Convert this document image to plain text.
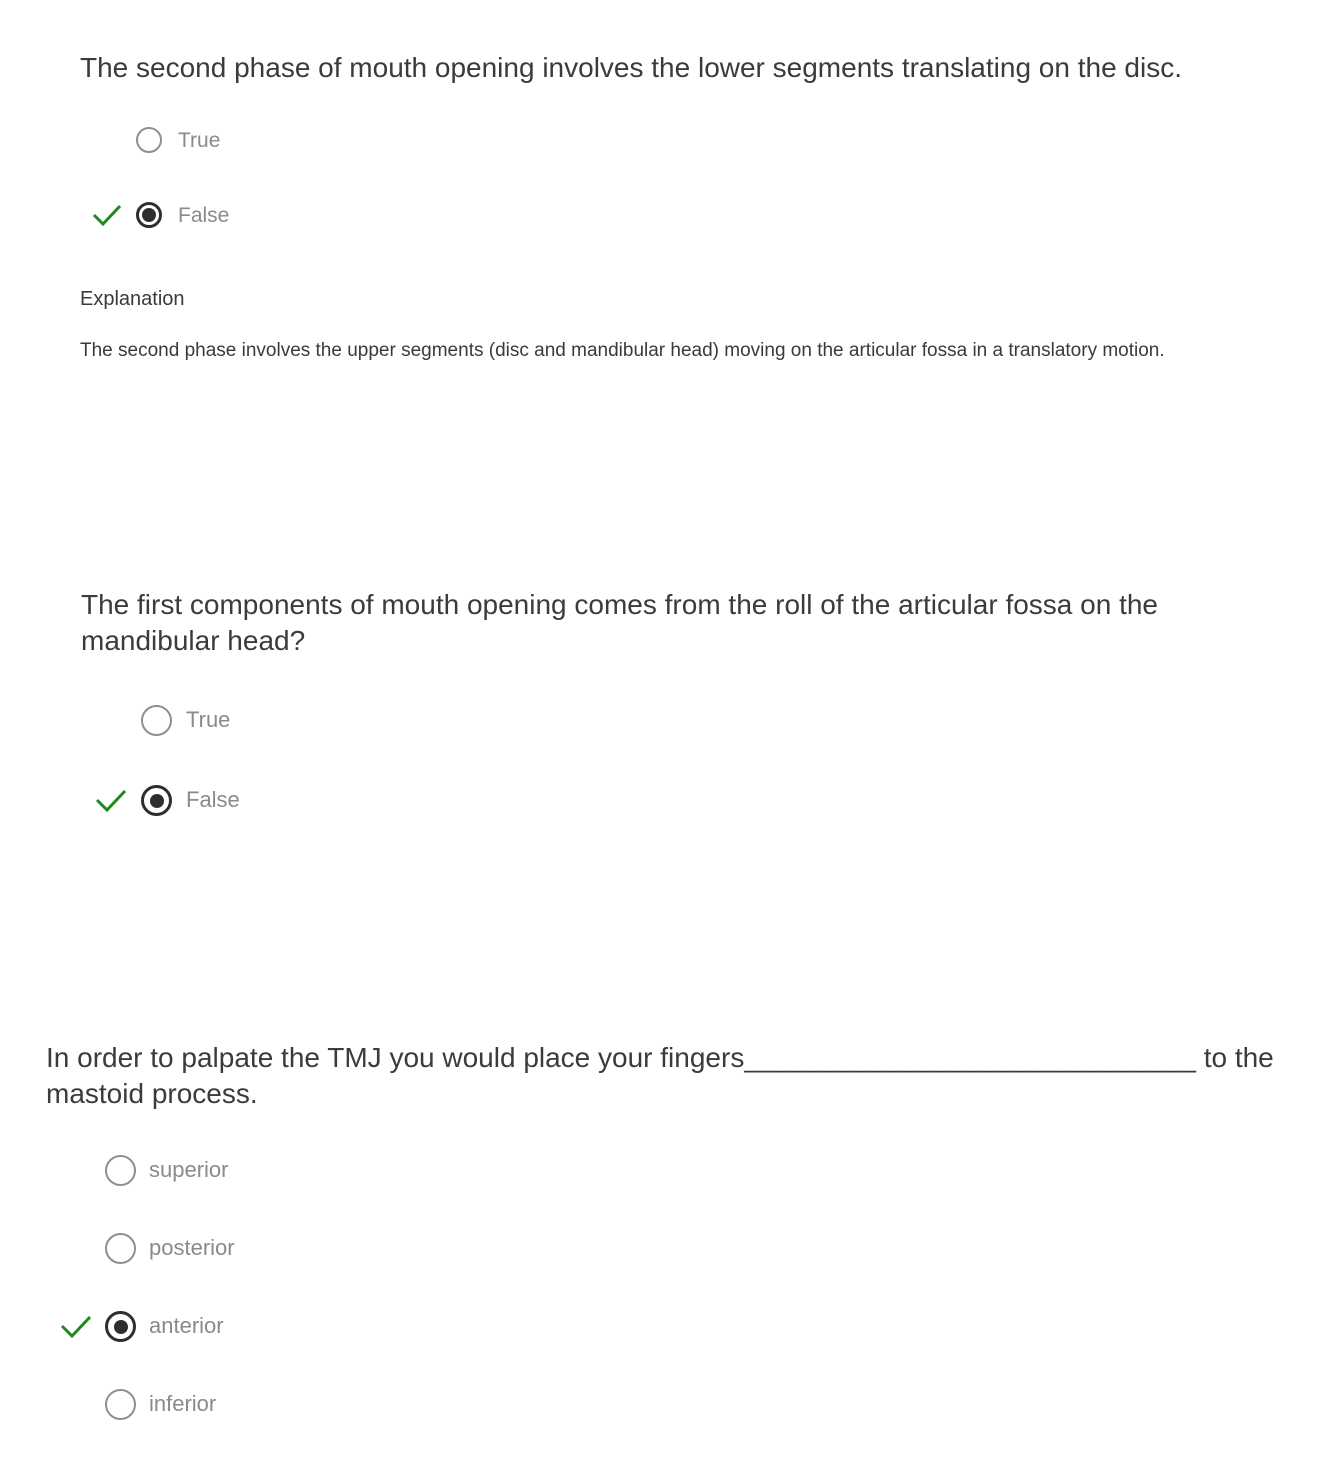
The second phase of mouth opening involves the lower segments translating on the disc.

True
False
Explanation
The second phase involves the upper segments (disc and mandibular head) moving on the articular fossa in a translatory motion.

The first components of mouth opening comes from the roll of the articular fossa on the mandibular head?

True
False

In order to palpate the TMJ you would place your fingers_____________________________ to the mastoid process.

superior
posterior
anterior
inferior
